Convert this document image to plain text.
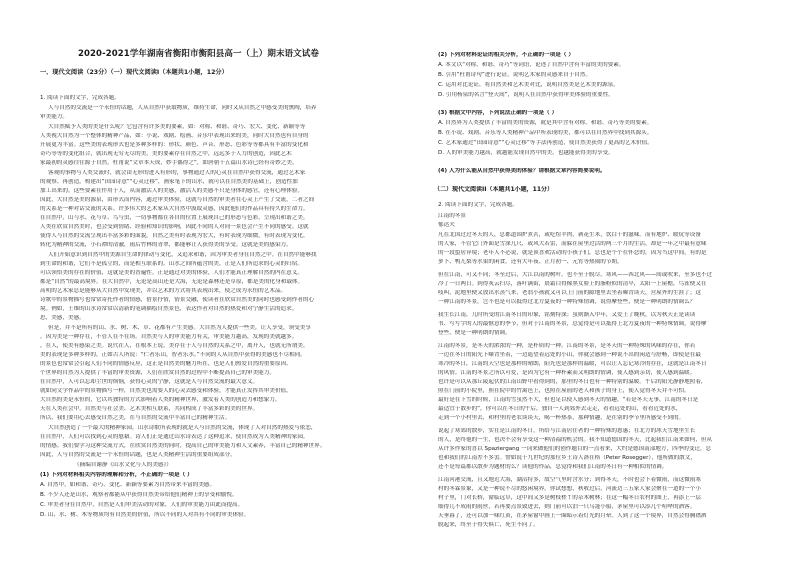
2020-2021学年湖南省衡阳市衡阳县高一（上）期末语文试卷
一、现代文阅读（23分）（一）现代文阅读I（本题共1小题，12分）
1. 阅读下面的文字，完成各题。
人与自然的交流是一个永恒的话题，人从自然中获取物质，维持生命，同时又从自然之中感受美的熏陶，培养
审美能力。
大自然赋予人类的美是什么呢？它包含有许多美的要素，如：对称、和谐、奇巧、宏大、变化、新颖等等
人类视大自然为一个整体的精神产品，如：小说、戏剧、绘画、音乐中表现出来的美，同时大自然也有自身的
开展更为丰富。这些美的表现形式也是多种多样的：形状、颜色、声音、形态、色彩等等都具有丰富的变化和
奇巧等等的变化组合，就出现无穷无尽的美。美的要素存在自然之中，远远多于人力的创造，因此艺术
家最初的灵感往往源于自然。杜甫说“文章本天成，妙手偶得之”，如唐朝十五篇山水诗已经有奇妙之美。
客观的事物与人类交流时，就会由无形的进入有形的，事物通过人的心灵在自然中获得交流，通过艺术家
的观察、再创造，构建出“田园诗意”“心灵迁移”，画家笔下的山水，就可以在自然美的基础上，创造性加
加工出来的。这些要素在作用于人，从而激活人的美感，激活人的美感不只是身体的感官，还有心理体验。
因此，大自然是美的源泉，由形式而内容，通过审美体验，这就与自然的审美者在心灵上产生了交流，二者之间
的关系是一种对话交流的关系。许多伟大的艺术家从大自然中汲取灵感，因此他们的作品具有持久的生命力。
在自然中，山与水、花与草、鸟与虫，一切事物都在各自的位置上展现自己的形态与色彩，呈现出和谐之美。
人类在欣赏自然美时，也会受到情绪、经验和知识的影响，因此不同的人对同一景色会产生不同的感受。这就
使得人与自然的交流呈现出丰富多彩的面貌。自然之美有时表现为宏大，有时表现为细微，有时表现为变化。
转化为精神的交流，小石潭的清澈，雨后竹林的青翠，都能够让人获得美的享受。这就是美的感染力。
人们开始意识到自然中的美源自生命的律动与变化，又追求和谐，因为审美者身在自然之中。在自然中能够找
到生命的和谐，它们不是孤立的，而是相互联系的。山水之间所蕴含的美，正是人们所追求的心灵的归宿。
可以领悟美的存在的价值，这就是美的普遍性。正是通过对美的体验，人们才能真正理解自然的内在意义。
都是“自然”的最高境界。在大自然中，无论是高山还是大海，无论是森林还是草原，都是美的化身和载体。
高明的艺术家总是能够从大自然中发现美，并以艺术的方式将其表现出来，使之成为永恒的艺术品。
诗歌中的景物描写也常常寄托作者的情感，借景抒情，情景交融，使读者在欣赏自然美的同时也感受到作者的心
境。例如，王维的山水诗常常以清新的笔调描绘自然景色，表达作者对自然的热爱和对宁静生活的追求。
思，美感，美感。
但是，并不是所有的山、水、树、木、草、花都有产生美感。大自然为人提供一些美，让人享受，领受美享
。因为美是一种存在，不管人在不在场。自然美与人的审美能力有关，审美能力越高，发现的美就越多。
，在人，使美有感染之美。说代在人，在根本上说，美存在于人与自然的关系之中，离开人，也就无所谓美。
美的表现是多种多样的，正如古人所说：“仁者乐山，智者乐水。”不同的人从自然中获得的美感也不尽相同。
的景色也常常会引起人们不同的情感反应，这正是自然美的魅力所在，也是人们热爱自然的重要原因。
个世界的自然为人提供了丰富的审美资源，人们在欣赏自然的过程中不断提高自己的审美能力。
在自然中，人可以忘却尘世的烦恼，获得心灵的宁静，这就是人与自然交流的最大意义。
就如同文学作品中的景物描写一样，自然美也需要人的心灵去感受和体验，才能真正发挥其审美价值。
大自然的美是永恒的，它以其独特的方式影响着人类的精神世界，激发着人类的创造力和想象力。
天在人类社会中，自然美与社会美、艺术美相互联系，共同构成了丰富多彩的美的世界。
所以，我们要用心去感受自然之美，在与自然的交流中丰富自己的精神生活。
大自然创造了一个最大的精神家园。山水诗歌所表现的就是人与自然的交流，体现了人对自然的热爱与依恋，
在自然中，人们可以找到心灵的慰藉。诗人们正是通过山水诗表达了这种追求，使自然成为人类精神的家园。
的情感。我们要学习这种交流方式，在欣赏自然美的同时，提高自己的审美能力和人文素养，丰富自己的精神世界。
因此，人与自然的交流是一个永恒的话题，也是人类精神生活的重要组成部分。
（摘编自谢静《山水文化与人的美感》）
(1) 下列对材料相关内容的理解和分析，不正确的一项是（ ）
A. 自然中，如和谐、奇巧、变化、新颖等要素为自然带来丰富的美感。
B. 不少人还是山水，观察者都能从中获得自然美带给他们精神上的享受和愉悦。
C. 审美者身在自然中，自然是人们审美活动的对象，人们的审美能力由此而提高。
D. 山、水、树、木等物质均有自然美的价值，所以不同的人对其有不同的审美体验。
(2) 下列对材料论证的相关分析，不正确的一项是（ ）
A. 本文以“对称、和谐、奇巧”等词语，论述了自然中含有丰富的美的要素。
B. 引用“杜甫诗句”进行论证，说明艺术家的灵感来自于自然。
C. 运用对比论证，将自然美和艺术美对比，说明自然美是艺术美的源泉。
D. 引用杨泉的名言“登天间”，说明人在自然中获得审美体验的重要性。
(3) 根据文中内容，下列说法正确的一项是（ ）
A. 自然界为人类提供了丰富的美的资源，就是其中含有对称、和谐、奇巧等美的要素。
B. 在小说、戏剧、音乐等人类精神产品中所表现的美，都可以在自然界中找到其源头。
C. 艺术家通过“田园诗意”“心灵迁移”等手法再创造，使自然美获得了更高的艺术价值。
D. 人的审美能力越高，就越能发现自然中的美，也越能获得美的享受。
(4) 人为什么能从自然中获得美的体验？请根据文章内容简要说明。
（二）现代文阅读II（本题共1小题，11分）
2. 阅读下面的文字，完成各题。
江南的冬景
郁达夫
凡在北国过过冬天的人，总都道围炉煮茗，或吃煊羊肉，剥花生米，饮白干的滋味。而有地炉、暖炕等设备
的人家，不管它门外面是雪深几尺，或风大若雷，而躲在屋里过活的两三个月的生活，却是一年之中最有意味
的一段蛰居异境；老年人不必说，就是顶喜欢活动的小孩子们，总也是个个在怀恋的，因为当这中间，有的是
萝卜、鸭儿梨等水果的闲食，还有大年夜、正月初一、元宵等热闹的节期。
但在江南，可又不同；冬至过后，大江以南的树叶，也不至于脱尽。寒风——西北风——间或吹来，至多也不过
冷了一日两日。到得灰云扫尽，落叶满街，晨霜白得像黑女脸上的脂粉似的清早，太阳一上屋檐，鸟雀便又在
吱叫，泥地里便又放出水蒸气来，老翁小孩就又可以上门前的隙地里去坐着曝背谈天，营屋外的生涯了；这
一种江南的冬景，岂不也是可以抵得过北方夏夜的一种特殊情调，说得摩登些，便是一种明朗的情调么？
我生长江南，儿时所受的江南冬日的印象，铭刻特深；虽则渐入中年，又爱上了晚秋，以为秋天正是读读
书、写写字的人的最惬意的季节，但对于江南的冬景，总觉得是可以抵得上北方夏夜的一种特殊情调，说得摩
登些，便是一种明朗的情调。
江南的冬景，是冬天的浓浓的一种，是朴质的一种。江南的冬景，是冬天的一种特殊的风味的存在，你若
一边在冬日的阳光下曝背坐着，一边遥望着远处的小山，你就会感到一种说不出的闲适与舒畅，即使是在最
寒冷的冬日，江南的天空也是那样的晴朗，阳光也是那样的温暖，可以让人忘记寒冷的存在，这就是江南冬日
的风情。江南的冬景之所以可爱，是因为它有一种朴素而又明朗的情调，使人感到亲切，使人感到温暖。
也许是可以从那丘陵起伏的江南山野中看得到的，那里的冬日也有一种特别的温暖。午后的阳光静静地照着，
照在门前的小院里，照在院中的竹篱笆上，也照在屋前的老人和孩子的身上，使人觉得冬天并不可怕。
最好是在下雪的时候，江南的雪虽然不大，但也足以使人感到冬天的情趣，“若是冬天无事，江南的冬日是
最适宜于散步的”，你可以在冬日的午后，独自一人到郊外去走走，看看远处的山，看看近处的水，
走到一个小村里去，和村里的老农谈谈天，喝一杯热茶，那种情趣，是在别的季节里所感受不到的。
说起了寒郊的散步，实在是江南的冬日，所给与江南居住者的一种特殊的恩惠；在北方的冰天雪地里生长
的人，是终他的一生，也决不会有享受这一种清福的机会的。我不知道德国的冬天，比起我们江南来如何，但从
从许多作家的喜以 Spaziergang 一词来做他们的创作题目的一点看来，大约是德国南部地方，四季的变迁，总
也和我们的江南差不多罢。譬如说十九世纪的那位乡土诗人洛在格（Peter Rosegger），他所做的散文，
还不是每篇都以散步为题材的么？读他的作品，总觉得和我们江南的冬日有一种相似的情调。
江南河港交流，且又地近大海，湖沼特多，故空气里时含水分；到得冬天，不时也会下着微雨，而这微雨寒
村的冬霖景象，又是一种说不尽的悠闲境界。你试想想，秋收过后，河流边三五家人家会聚在一道的一个小
村子里，门对长桥，窗临远阜，这中间又多是树枝槎丫的杂木树林；在这一幅冬日农村的图上，再添上一层
细得几不成雨的雨丝，若再要点景致进去，则门前可以泊一只乌篷小船，茅屋里可以添几个喧哗的酒客。
天垂暮了，还可以加一味红黄，在茅屋窗中画上一圈暗示着灯光的月晕。人到了这一个境界，自然会得胸襟洒
脱起来，终至于得失俱亡，死生不问了。
